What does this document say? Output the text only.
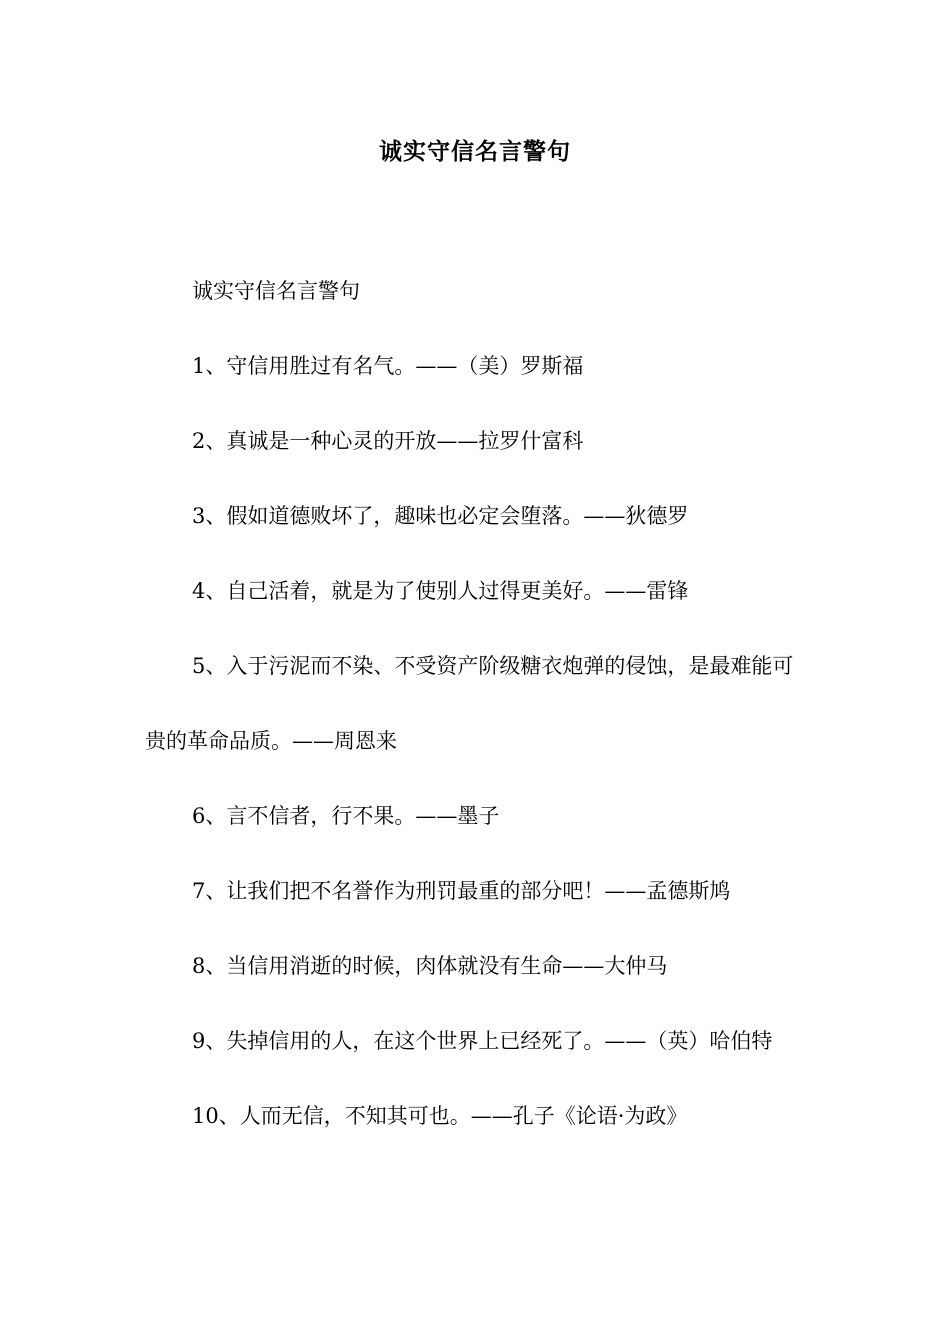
诚实守信名言警句

诚实守信名言警句

1、守信用胜过有名气。——（美）罗斯福

2、真诚是一种心灵的开放——拉罗什富科

3、假如道德败坏了，趣味也必定会堕落。——狄德罗

4、自己活着，就是为了使别人过得更美好。——雷锋

5、入于污泥而不染、不受资产阶级糖衣炮弹的侵蚀，是最难能可贵的革命品质。——周恩来

6、言不信者，行不果。——墨子

7、让我们把不名誉作为刑罚最重的部分吧！——孟德斯鸠

8、当信用消逝的时候，肉体就没有生命——大仲马

9、失掉信用的人，在这个世界上已经死了。——（英）哈伯特

10、人而无信，不知其可也。——孔子《论语·为政》
